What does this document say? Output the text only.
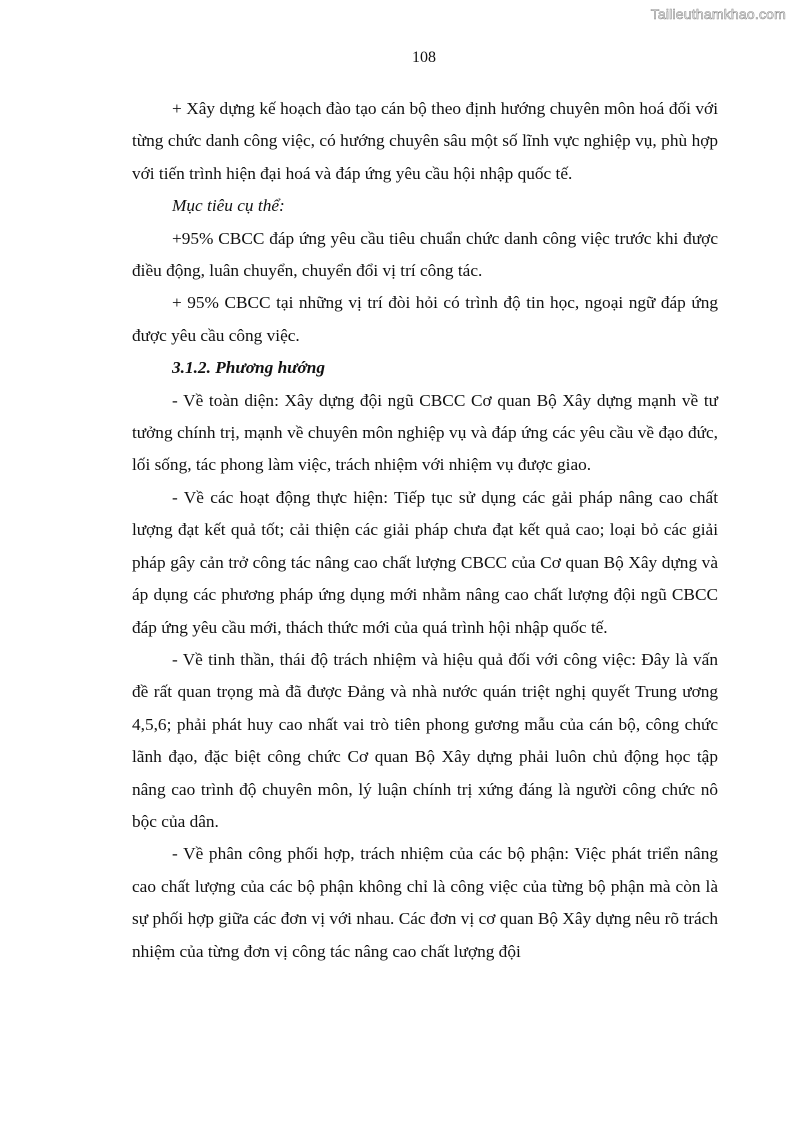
Tailieuthamkhao.com
108

+ Xây dựng kế hoạch đào tạo cán bộ theo định hướng chuyên môn hoá đối với từng chức danh công việc, có hướng chuyên sâu một số lĩnh vực nghiệp vụ, phù hợp với tiến trình hiện đại hoá và đáp ứng yêu cầu hội nhập quốc tế.

Mục tiêu cụ thể:

+95% CBCC đáp ứng yêu cầu tiêu chuẩn chức danh công việc trước khi được điều động, luân chuyển, chuyển đổi vị trí công tác.

+ 95% CBCC tại những vị trí đòi hỏi có trình độ tin học, ngoại ngữ đáp ứng được yêu cầu công việc.

3.1.2. Phương hướng

- Về toàn diện: Xây dựng đội ngũ CBCC Cơ quan Bộ Xây dựng mạnh về tư tưởng chính trị, mạnh về chuyên môn nghiệp vụ và đáp ứng các yêu cầu về đạo đức, lối sống, tác phong làm việc, trách nhiệm với nhiệm vụ được giao.

- Về các hoạt động thực hiện: Tiếp tục sử dụng các gải pháp nâng cao chất lượng đạt kết quả tốt; cải thiện các giải pháp chưa đạt kết quả cao; loại bỏ các giải pháp gây cản trở công tác nâng cao chất lượng CBCC của Cơ quan Bộ Xây dựng và áp dụng các phương pháp ứng dụng mới nhằm nâng cao chất lượng đội ngũ CBCC đáp ứng yêu cầu mới, thách thức mới của quá trình hội nhập quốc tế.

- Về tinh thần, thái độ trách nhiệm và hiệu quả đối với công việc: Đây là vấn đề rất quan trọng mà đã được Đảng và nhà nước quán triệt nghị quyết Trung ương 4,5,6; phải phát huy cao nhất vai trò tiên phong gương mẫu của cán bộ, công chức lãnh đạo, đặc biệt công chức Cơ quan Bộ Xây dựng phải luôn chủ động học tập nâng cao trình độ chuyên môn, lý luận chính trị xứng đáng là người công chức nô bộc của dân.

- Về phân công phối hợp, trách nhiệm của các bộ phận: Việc phát triển nâng cao chất lượng của các bộ phận không chỉ là công việc của từng bộ phận mà còn là sự phối hợp giữa các đơn vị với nhau. Các đơn vị cơ quan Bộ Xây dựng nêu rõ trách nhiệm của từng đơn vị công tác nâng cao chất lượng đội
